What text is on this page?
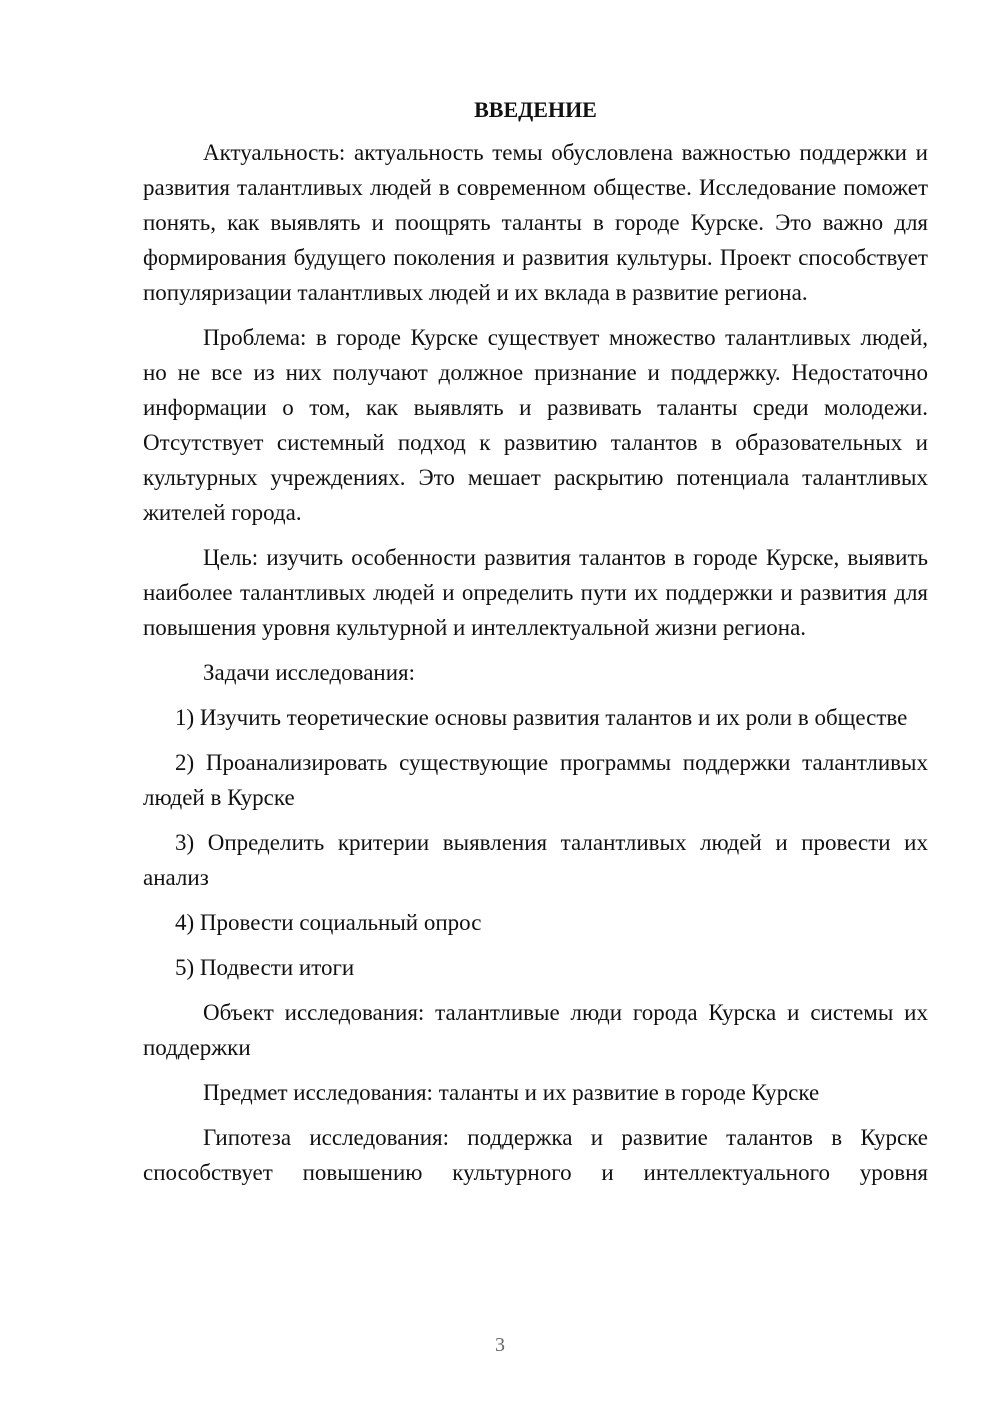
ВВЕДЕНИЕ

Актуальность: актуальность темы обусловлена важностью поддержки и развития талантливых людей в современном обществе. Исследование поможет понять, как выявлять и поощрять таланты в городе Курске. Это важно для формирования будущего поколения и развития культуры. Проект способствует популяризации талантливых людей и их вклада в развитие региона.

Проблема: в городе Курске существует множество талантливых людей, но не все из них получают должное признание и поддержку. Недостаточно информации о том, как выявлять и развивать таланты среди молодежи. Отсутствует системный подход к развитию талантов в образовательных и культурных учреждениях. Это мешает раскрытию потенциала талантливых жителей города.

Цель: изучить особенности развития талантов в городе Курске, выявить наиболее талантливых людей и определить пути их поддержки и развития для повышения уровня культурной и интеллектуальной жизни региона.

Задачи исследования:

1) Изучить теоретические основы развития талантов и их роли в обществе

2) Проанализировать существующие программы поддержки талантливых людей в Курске

3) Определить критерии выявления талантливых людей и провести их анализ

4) Провести социальный опрос

5) Подвести итоги

Объект исследования: талантливые люди города Курска и системы их поддержки

Предмет исследования: таланты и их развитие в городе Курске

Гипотеза исследования: поддержка и развитие талантов в Курске способствует повышению культурного и интеллектуального уровня

3
